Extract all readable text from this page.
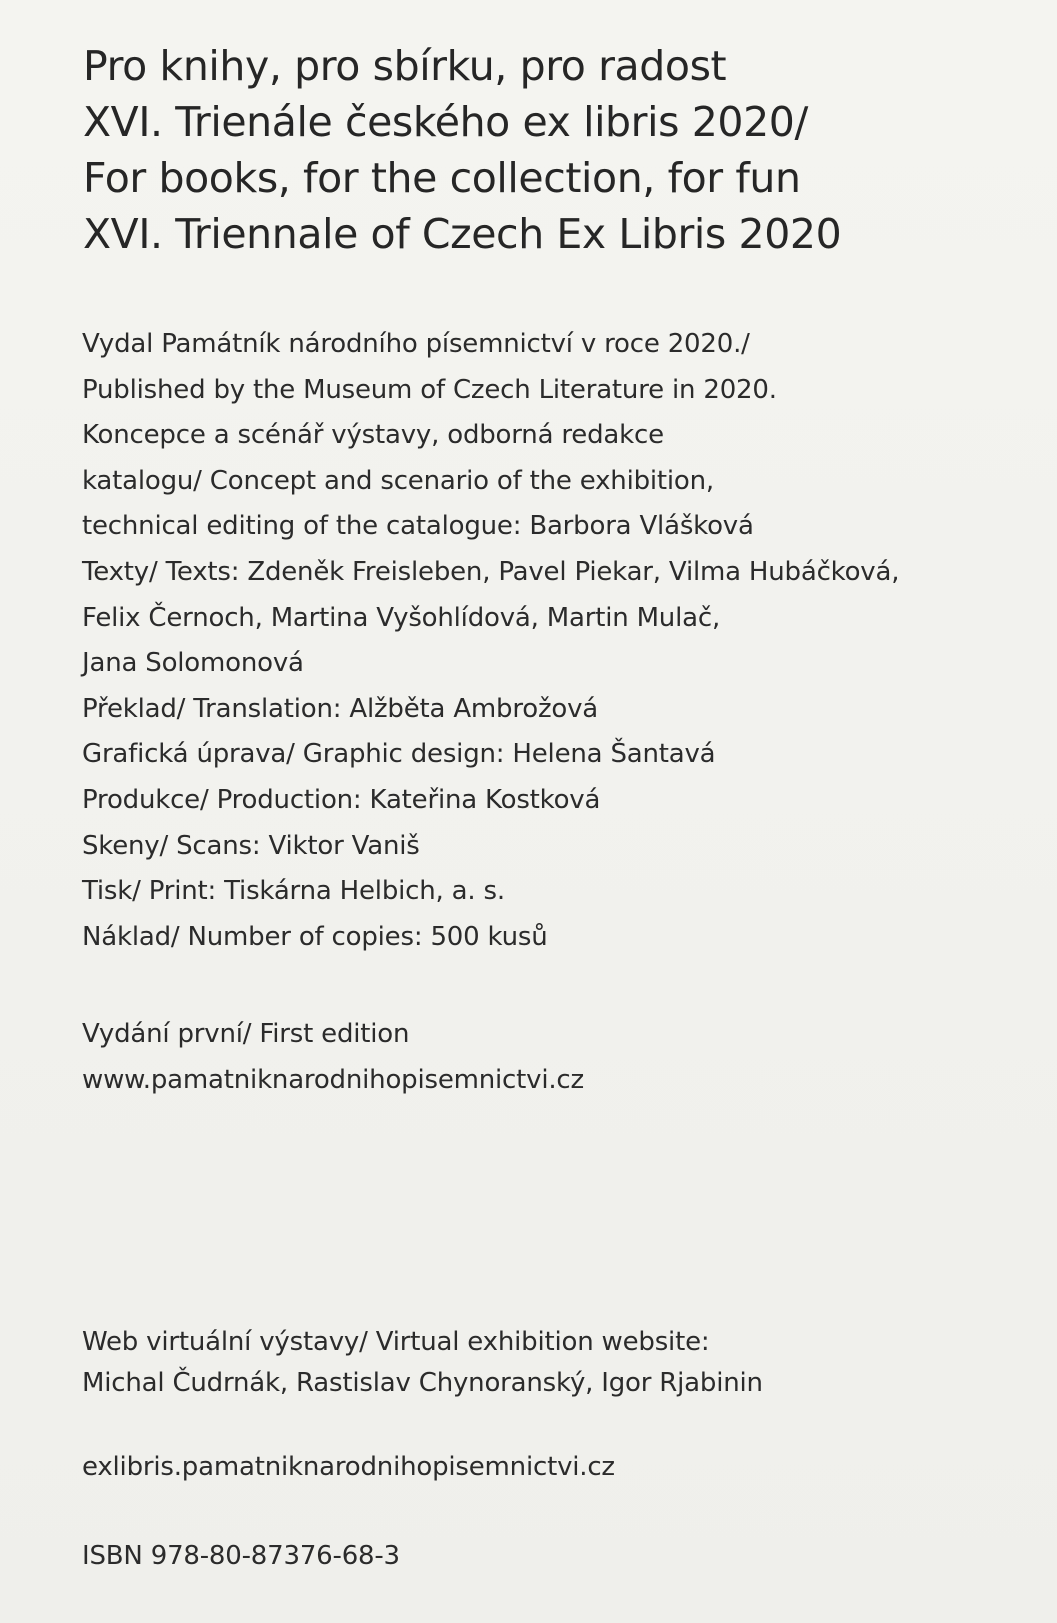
Pro knihy, pro sbírku, pro radost
XVI. Trienále českého ex libris 2020/
For books, for the collection, for fun
XVI. Triennale of Czech Ex Libris 2020
Vydal Památník národního písemnictví v roce 2020./
Published by the Museum of Czech Literature in 2020.
Koncepce a scénář výstavy, odborná redakce
katalogu/ Concept and scenario of the exhibition,
technical editing of the catalogue: Barbora Vlášková
Texty/ Texts: Zdeněk Freisleben, Pavel Piekar, Vilma Hubáčková,
Felix Černoch, Martina Vyšohlídová, Martin Mulač,
Jana Solomonová
Překlad/ Translation: Alžběta Ambrožová
Grafická úprava/ Graphic design: Helena Šantavá
Produkce/ Production: Kateřina Kostková
Skeny/ Scans: Viktor Vaniš
Tisk/ Print: Tiskárna Helbich, a. s.
Náklad/ Number of copies: 500 kusů
Vydání první/ First edition
www.pamatniknarodnihopisemnictvi.cz
Web virtuální výstavy/ Virtual exhibition website:
Michal Čudrnák, Rastislav Chynoranský, Igor Rjabinin
exlibris.pamatniknarodnihopisemnictvi.cz
ISBN 978-80-87376-68-3
